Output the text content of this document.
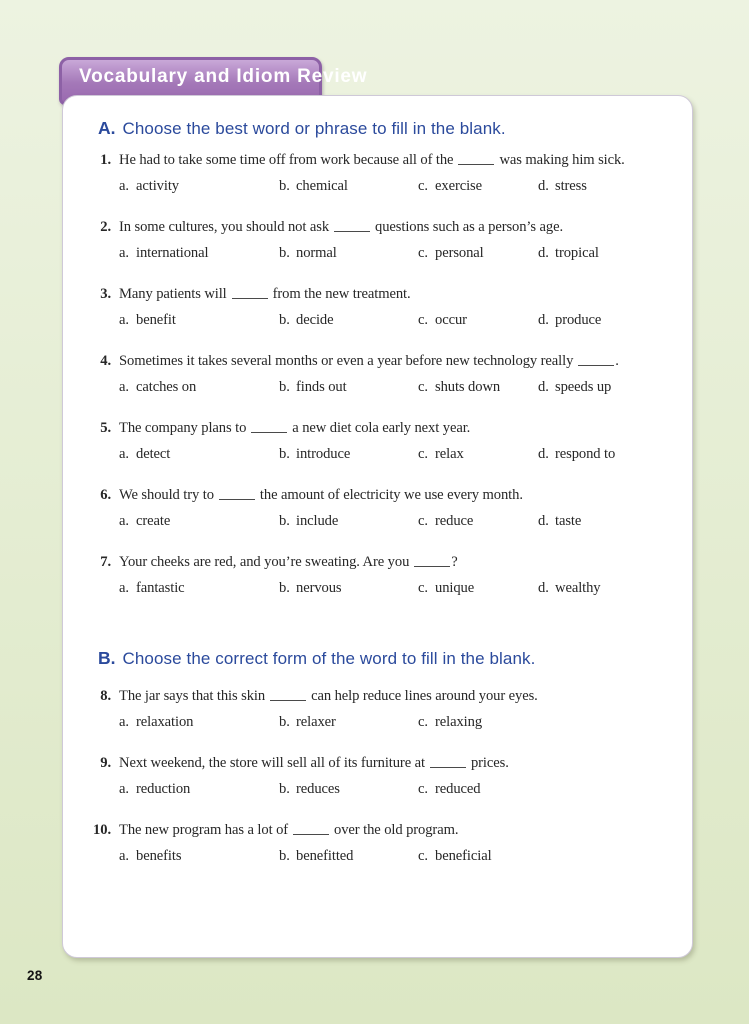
Vocabulary and Idiom Review
A. Choose the best word or phrase to fill in the blank.
1. He had to take some time off from work because all of the	was making him sick.
a. activity	b. chemical	c. exercise	d. stress
2. In some cultures, you should not ask	questions such as a person’s age.
a. international	b. normal	c. personal	d. tropical
3. Many patients will	from the new treatment.
a. benefit	b. decide	c. occur	d. produce
4. Sometimes it takes several months or even a year before new technology really	.
a. catches on	b. finds out	c. shuts down	d. speeds up
5. The company plans to	a new diet cola early next year.
a. detect	b. introduce	c. relax	d. respond to
6. We should try to	the amount of electricity we use every month.
a. create	b. include	c. reduce	d. taste
7. Your cheeks are red, and you’re sweating. Are you	?
a. fantastic	b. nervous	c. unique	d. wealthy
B. Choose the correct form of the word to fill in the blank.
8. The jar says that this skin	can help reduce lines around your eyes.
a. relaxation	b. relaxer	c. relaxing
9. Next weekend, the store will sell all of its furniture at	prices.
a. reduction	b. reduces	c. reduced
10. The new program has a lot of	over the old program.
a. benefits	b. benefitted	c. beneficial
28
